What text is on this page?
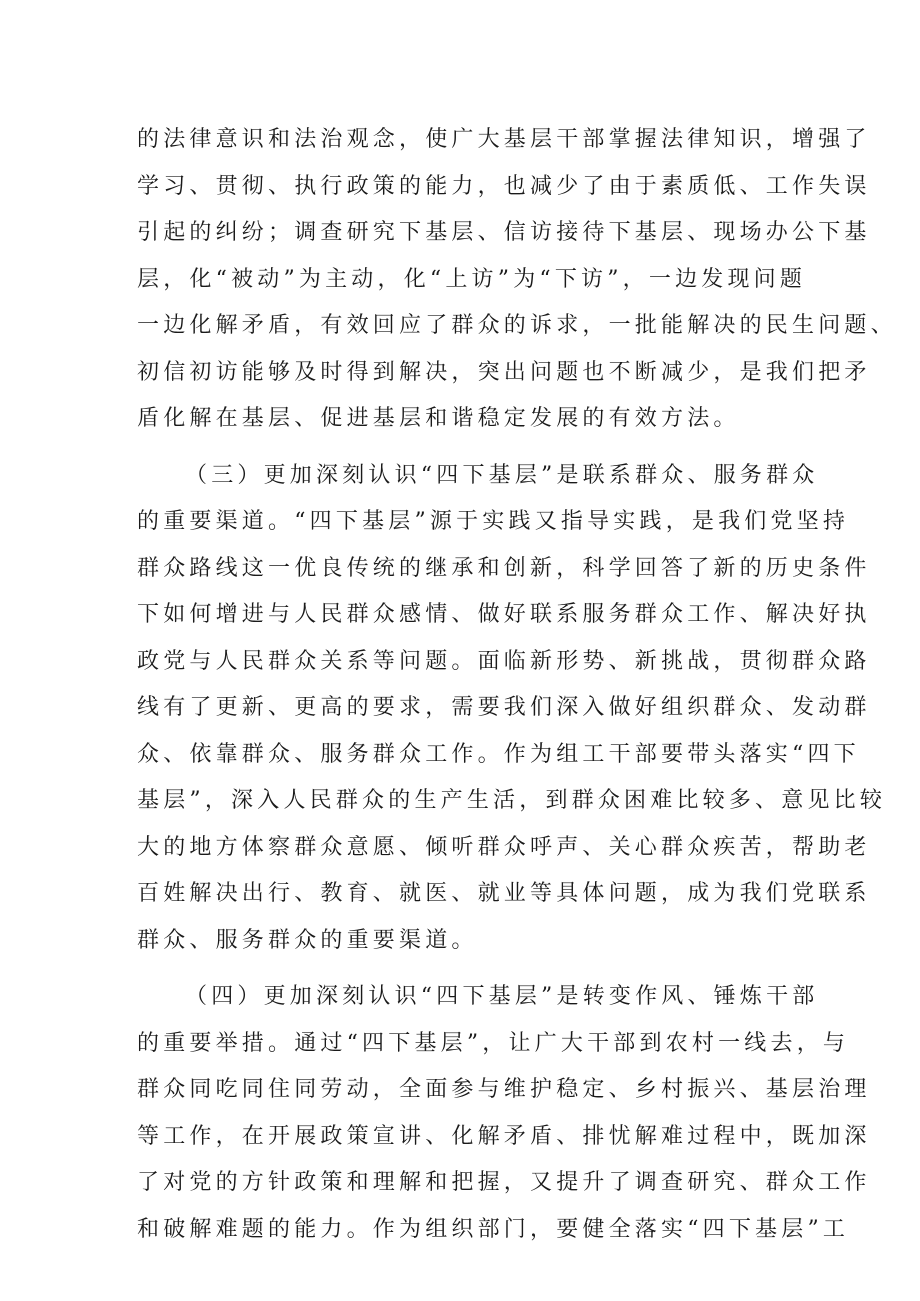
的法律意识和法治观念，使广大基层干部掌握法律知识，增强了
学习、贯彻、执行政策的能力，也减少了由于素质低、工作失误
引起的纠纷；调查研究下基层、信访接待下基层、现场办公下基
层，化“被动”为主动，化“上访”为“下访”，一边发现问题
一边化解矛盾，有效回应了群众的诉求，一批能解决的民生问题、
初信初访能够及时得到解决，突出问题也不断减少，是我们把矛
盾化解在基层、促进基层和谐稳定发展的有效方法。
（三）更加深刻认识“四下基层”是联系群众、服务群众
的重要渠道。“四下基层”源于实践又指导实践，是我们党坚持
群众路线这一优良传统的继承和创新，科学回答了新的历史条件
下如何增进与人民群众感情、做好联系服务群众工作、解决好执
政党与人民群众关系等问题。面临新形势、新挑战，贯彻群众路
线有了更新、更高的要求，需要我们深入做好组织群众、发动群
众、依靠群众、服务群众工作。作为组工干部要带头落实“四下
基层”，深入人民群众的生产生活，到群众困难比较多、意见比较
大的地方体察群众意愿、倾听群众呼声、关心群众疾苦，帮助老
百姓解决出行、教育、就医、就业等具体问题，成为我们党联系
群众、服务群众的重要渠道。
（四）更加深刻认识“四下基层”是转变作风、锤炼干部
的重要举措。通过“四下基层”，让广大干部到农村一线去，与
群众同吃同住同劳动，全面参与维护稳定、乡村振兴、基层治理
等工作，在开展政策宣讲、化解矛盾、排忧解难过程中，既加深
了对党的方针政策和理解和把握，又提升了调查研究、群众工作
和破解难题的能力。作为组织部门，要健全落实“四下基层”工
